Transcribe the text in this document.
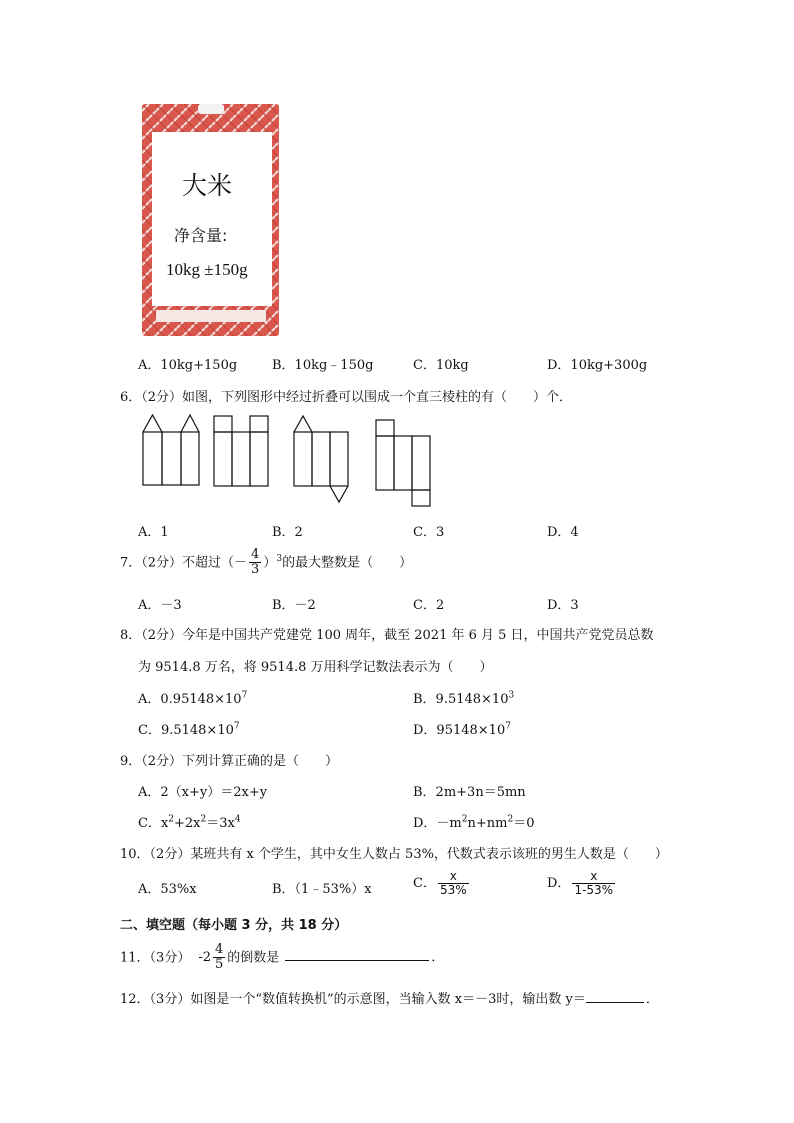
大米
净含量:
10kg ±150g
A．10kg+150g	B．10kg﹣150g	C．10kg	D．10kg+300g
6．（2分）如图，下列图形中经过折叠可以围成一个直三棱柱的有（　　）个．
A．1	B．2	C．3	D．4
7．（2分）不超过（－ $\frac{4}{3} )^3$的最大整数是（　　）
A．－3	B．－2	C．2	D．3
8．（2分）今年是中国共产党建党 100 周年，截至 2021 年 6 月 5 日，中国共产党党员总数
为 9514.8 万名，将 9514.8 万用科学记数法表示为（　　）
A．$0.95148\times 10^7$	B．$9.5148\times 10^3$
C．$9.5148\times 10^7$	D．$95148\times 10^7$
9．（2分）下列计算正确的是（　　）
A．2（x+y）＝2x+y	B．2m+3n＝5mn
C．$x^2+2x^2=3x^4$	D．$-m^2n+nm^2=0$
10．（2分）某班共有 x 个学生，其中女生人数占 53%，代数式表示该班的男生人数是（　　）
A．53%x	B．（1﹣53%）x	C． $\frac{x}{53\%}$	D． $\frac{x}{1-53\%}$
二、填空题（每小题 3 分，共 18 分）
11．（3分） $-2 \frac{4}{5}$ 的倒数是	．
12．（3分）如图是一个“数值转换机”的示意图，当输入数 x＝－3时，输出数 y＝	．
